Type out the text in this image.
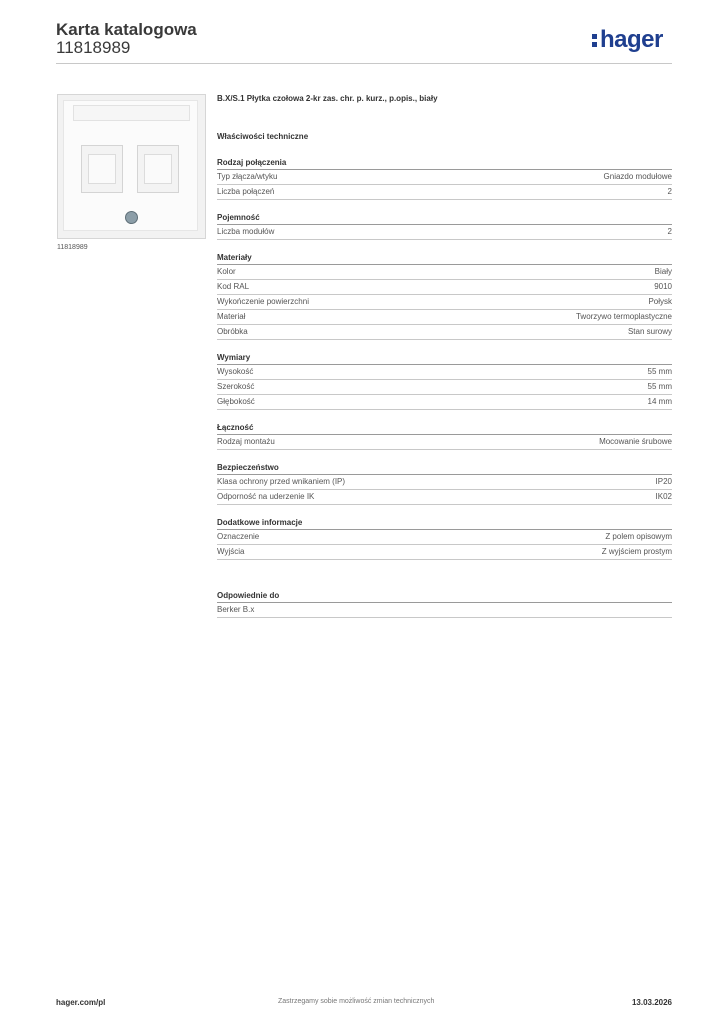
Karta katalogowa
11818989	hager
11818989
B.X/S.1 Płytka czołowa 2-kr zas. chr. p. kurz., p.opis., biały
Właściwości techniczne
Rodzaj połączenia
Typ złącza/wtyku	Gniazdo modułowe
Liczba połączeń	2
Pojemność
Liczba modułów	2
Materiały
Kolor	Biały
Kod RAL	9010
Wykończenie powierzchni	Połysk
Materiał	Tworzywo termoplastyczne
Obróbka	Stan surowy
Wymiary
Wysokość	55 mm
Szerokość	55 mm
Głębokość	14 mm
Łączność
Rodzaj montażu	Mocowanie śrubowe
Bezpieczeństwo
Klasa ochrony przed wnikaniem (IP)	IP20
Odporność na uderzenie IK	IK02
Dodatkowe informacje
Oznaczenie	Z polem opisowym
Wyjścia	Z wyjściem prostym
Odpowiednie do
Berker B.x
hager.com/pl	Zastrzegamy sobie możliwość zmian technicznych	13.03.2026
